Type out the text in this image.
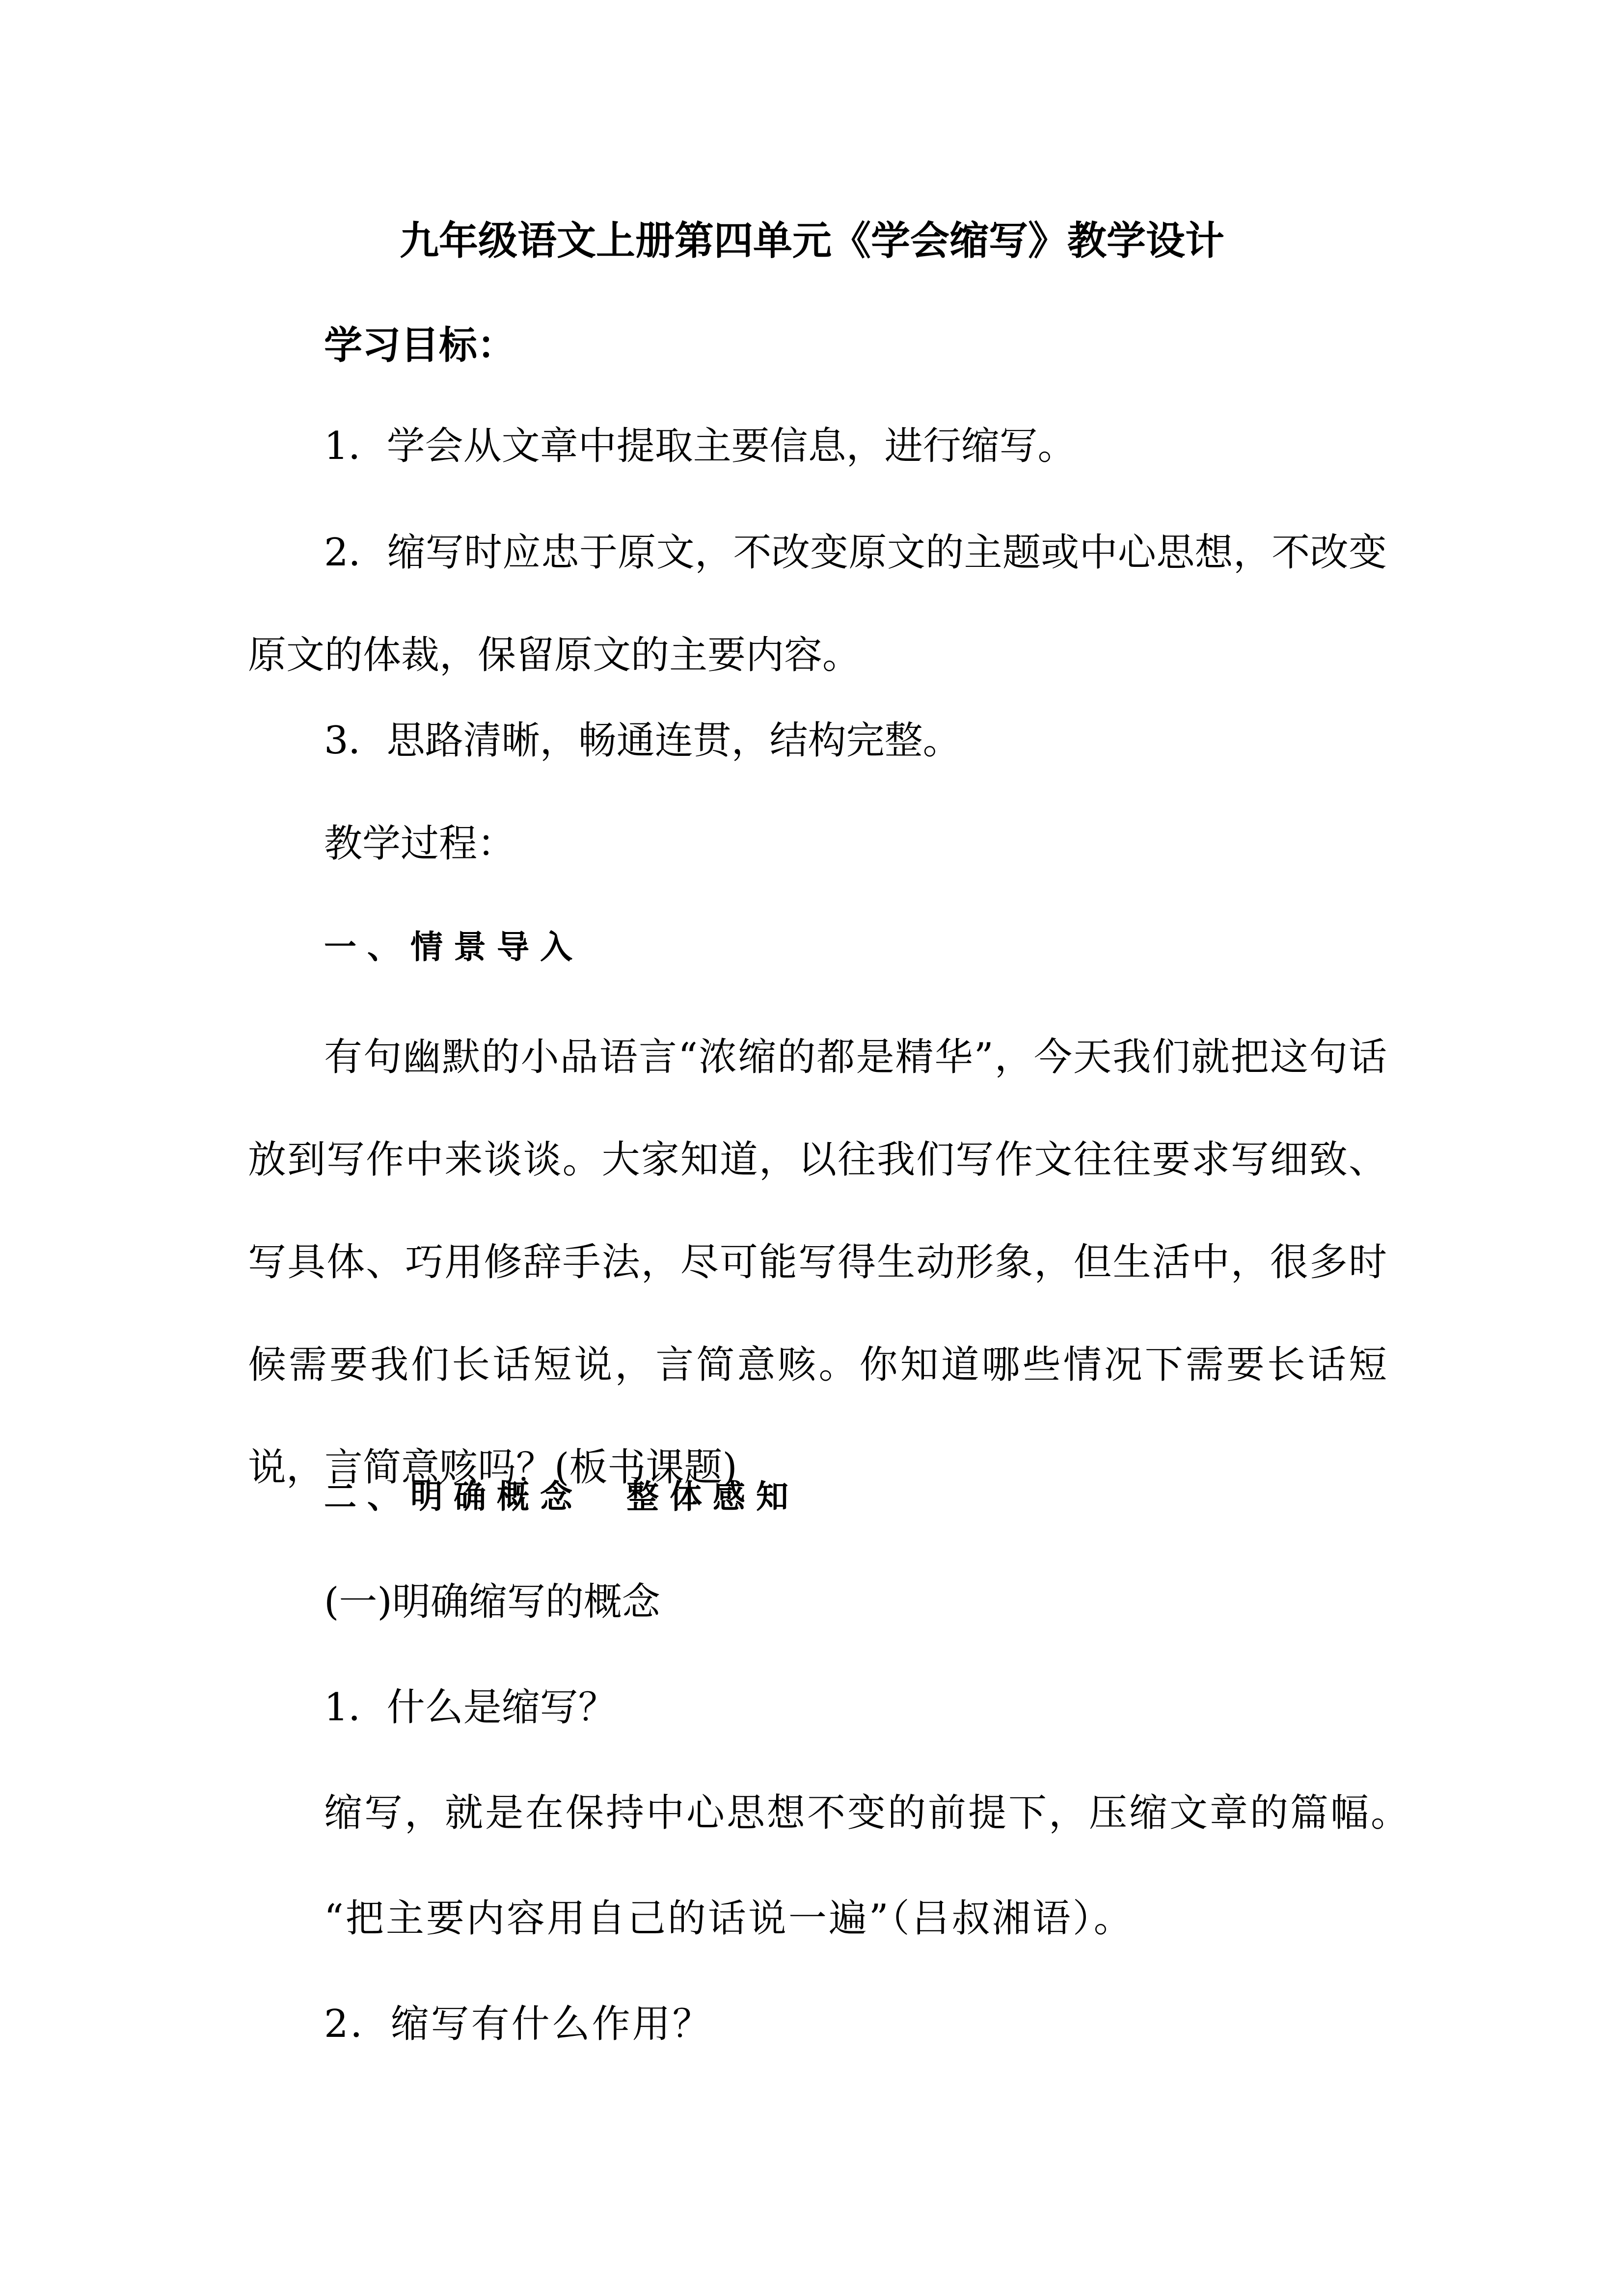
九年级语文上册第四单元《学会缩写》教学设计
学习目标：
1．学会从文章中提取主要信息，进行缩写。
2．缩写时应忠于原文，不改变原文的主题或中心思想，不改变原文的体裁，保留原文的主要内容。
3．思路清晰，畅通连贯，结构完整。
教学过程：
一、情景导入
有句幽默的小品语言“浓缩的都是精华”，今天我们就把这句话放到写作中来谈谈。大家知道，以往我们写作文往往要求写细致、写具体、巧用修辞手法，尽可能写得生动形象，但生活中，很多时候需要我们长话短说，言简意赅。你知道哪些情况下需要长话短说，言简意赅吗？(板书课题)
二、明确概念　整体感知
(一)明确缩写的概念
1．什么是缩写？
缩写，就是在保持中心思想不变的前提下，压缩文章的篇幅。
“把主要内容用自己的话说一遍”（吕叔湘语）。
2．缩写有什么作用？
